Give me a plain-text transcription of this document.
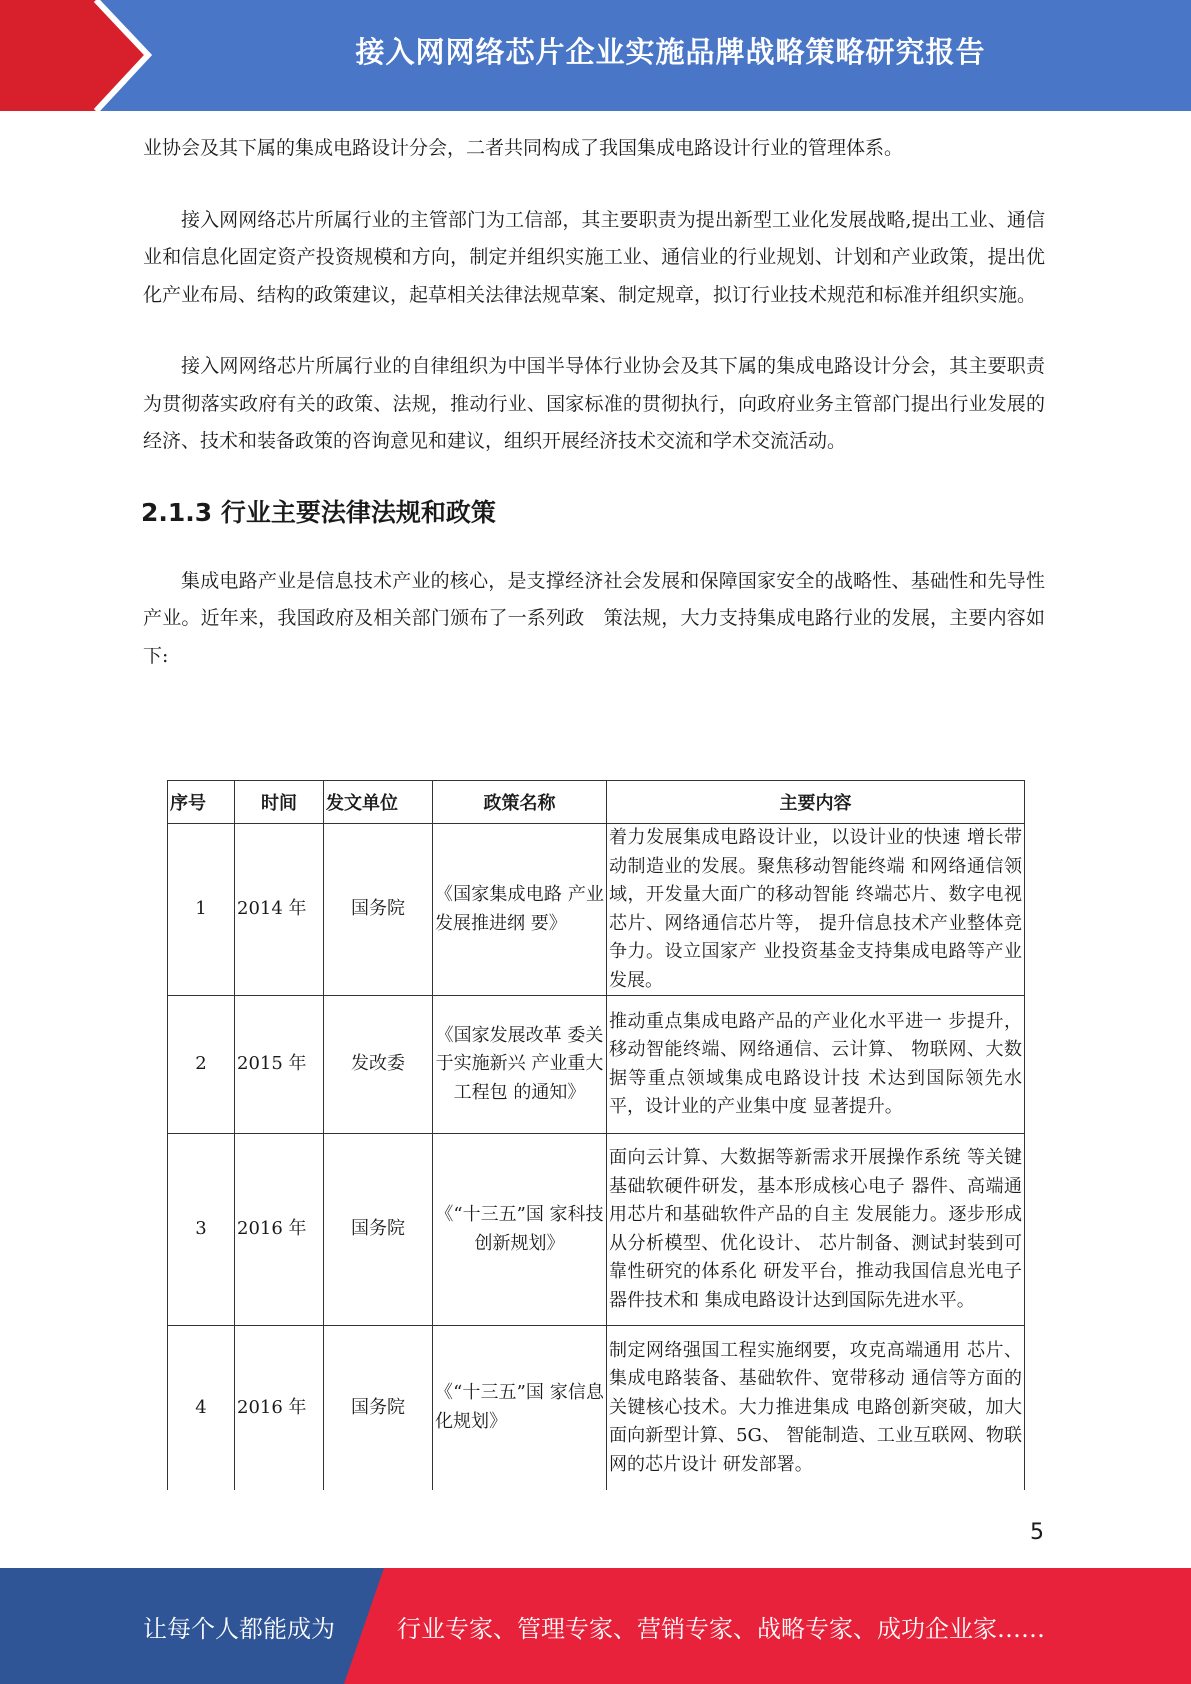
接入网网络芯片企业实施品牌战略策略研究报告

业协会及其下属的集成电路设计分会，二者共同构成了我国集成电路设计行业的管理体系。

接入网网络芯片所属行业的主管部门为工信部，其主要职责为提出新型工业化发展战略,提出工业、通信业和信息化固定资产投资规模和方向，制定并组织实施工业、通信业的行业规划、计划和产业政策，提出优化产业布局、结构的政策建议，起草相关法律法规草案、制定规章，拟订行业技术规范和标准并组织实施。

接入网网络芯片所属行业的自律组织为中国半导体行业协会及其下属的集成电路设计分会，其主要职责为贯彻落实政府有关的政策、法规，推动行业、国家标准的贯彻执行，向政府业务主管部门提出行业发展的经济、技术和装备政策的咨询意见和建议，组织开展经济技术交流和学术交流活动。

2.1.3 行业主要法律法规和政策

集成电路产业是信息技术产业的核心，是支撑经济社会发展和保障国家安全的战略性、基础性和先导性产业。近年来，我国政府及相关部门颁布了一系列政　策法规，大力支持集成电路行业的发展，主要内容如下:

序号	时间	发文单位	政策名称	主要内容
1	2014 年	国务院	《国家集成电路 产业发展推进纲 要》	着力发展集成电路设计业，以设计业的快速 增长带动制造业的发展。聚焦移动智能终端 和网络通信领域，开发量大面广的移动智能 终端芯片、数字电视芯片、网络通信芯片等， 提升信息技术产业整体竞争力。设立国家产 业投资基金支持集成电路等产业发展。
2	2015 年	发改委	《国家发展改革 委关于实施新兴 产业重大工程包 的通知》	推动重点集成电路产品的产业化水平进一 步提升，移动智能终端、网络通信、云计算、 物联网、大数据等重点领域集成电路设计技 术达到国际领先水平，设计业的产业集中度 显著提升。
3	2016 年	国务院	《“十三五”国 家科技创新规划》	面向云计算、大数据等新需求开展操作系统 等关键基础软硬件研发，基本形成核心电子 器件、高端通用芯片和基础软件产品的自主 发展能力。逐步形成从分析模型、优化设计、 芯片制备、测试封装到可靠性研究的体系化 研发平台，推动我国信息光电子器件技术和 集成电路设计达到国际先进水平。
4	2016 年	国务院	《“十三五”国 家信息化规划》	制定网络强国工程实施纲要，攻克高端通用 芯片、集成电路装备、基础软件、宽带移动 通信等方面的关键核心技术。大力推进集成 电路创新突破，加大面向新型计算、5G、 智能制造、工业互联网、物联网的芯片设计 研发部署。
5
让每个人都能成为	行业专家、管理专家、营销专家、战略专家、成功企业家……
